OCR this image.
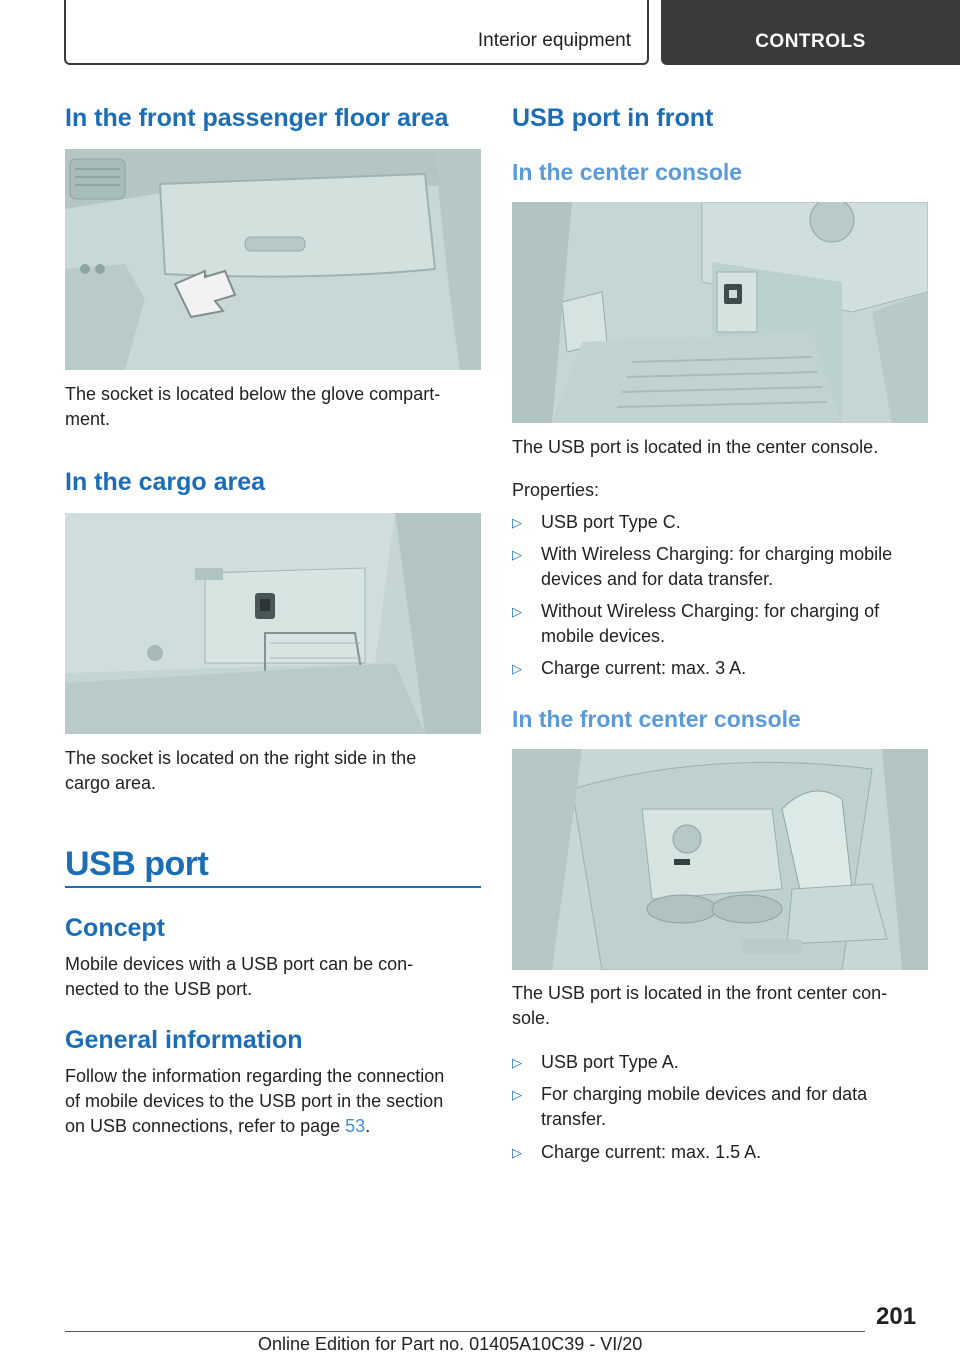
Interior equipment	CONTROLS
In the front passenger floor area
The socket is located below the glove compart-
ment.
In the cargo area
The socket is located on the right side in the
cargo area.
USB port
Concept
Mobile devices with a USB port can be con-
nected to the USB port.
General information
Follow the information regarding the connection
of mobile devices to the USB port in the section
on USB connections, refer to page 53.
USB port in front
In the center console
The USB port is located in the center console.
Properties:
▷	USB port Type C.
▷	With Wireless Charging: for charging mobile
devices and for data transfer.
▷	Without Wireless Charging: for charging of
mobile devices.
▷	Charge current: max. 3 A.
In the front center console
The USB port is located in the front center con-
sole.
▷	USB port Type A.
▷	For charging mobile devices and for data
transfer.
▷	Charge current: max. 1.5 A.
201
Online Edition for Part no. 01405A10C39 - VI/20
